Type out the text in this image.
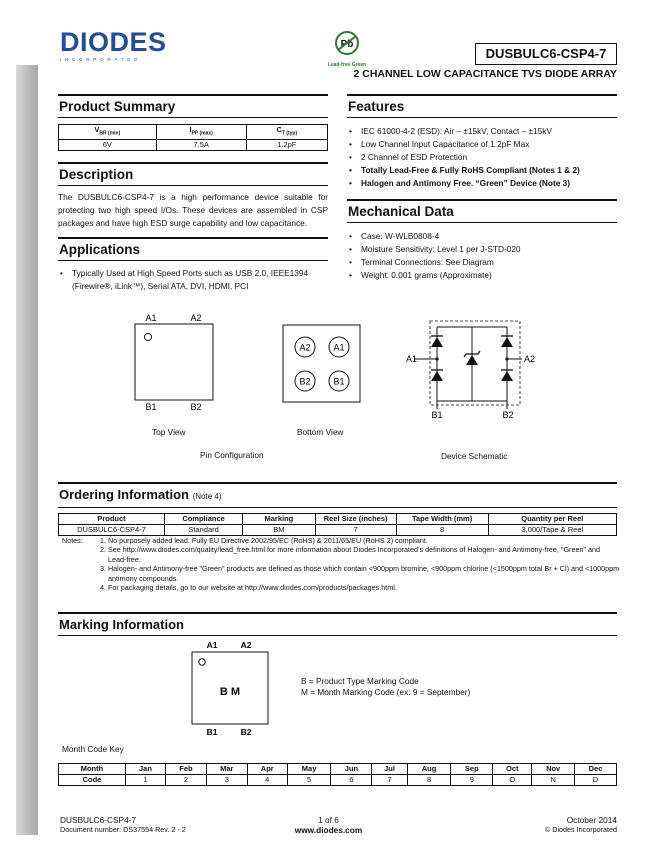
NEW PRODUCT
DIODES
INCORPORATED
Pb
Lead-free Green
DUSBULC6-CSP4-7
2 CHANNEL LOW CAPACITANCE TVS DIODE ARRAY
Product Summary
$V_{BR (min)}$	$I_{PP (max)}$	$C_{T (typ)}$
6V	7.5A	1.2pF
Description
The DUSBULC6-CSP4-7 is a high performance device suitable for protecting two high speed I/Os. These devices are assembled in CSP packages and have high ESD surge capability and low capacitance.
Applications
• Typically Used at High Speed Ports such as USB 2.0, IEEE1394 (Firewire®, iLink™), Serial ATA, DVI, HDMI, PCI
Features
• IEC 61000-4-2 (ESD): Air – ±15kV, Contact – ±15kV
• Low Channel Input Capacitance of 1.2pF Max
• 2 Channel of ESD Protection
• Totally Lead-Free & Fully RoHS Compliant (Notes 1 & 2)
• Halogen and Antimony Free. “Green” Device (Note 3)
Mechanical Data
• Case: W-WLB0808-4
• Moisture Sensitivity: Level 1 per J-STD-020
• Terminal Connections: See Diagram
• Weight: 0.001 grams (Approximate)
A1	A2
B1	B2
Top View
A2	A1
B2	B1
Bottom View
Pin Configuration
A1	A2
B1	B2
Device Schematic
Ordering Information (Note 4)
Product	Compliance	Marking	Reel Size (inches)	Tape Width (mm)	Quantity per Reel
DUSBULC6-CSP4-7	Standard	BM	7	8	3,000/Tape & Reel
Notes:	1. No purposely added lead. Fully EU Directive 2002/95/EC (RoHS) & 2011/65/EU (RoHS 2) compliant.
2. See http://www.diodes.com/quality/lead_free.html for more information about Diodes Incorporated’s definitions of Halogen- and Antimony-free, "Green" and Lead-free.
3. Halogen- and Antimony-free "Green" products are defined as those which contain <900ppm bromine, <900ppm chlorine (<1500ppm total Br + Cl) and <1000ppm antimony compounds.
4. For packaging details, go to our website at http://www.diodes.com/products/packages.html.
Marking Information
A1	A2
B M
B1	B2
B = Product Type Marking Code
M = Month Marking Code (ex: 9 = September)
Month Code Key
Month	Jan	Feb	Mar	Apr	May	Jun	Jul	Aug	Sep	Oct	Nov	Dec
Code	1	2	3	4	5	6	7	8	9	O	N	D
DUSBULC6-CSP4-7
Document number: DS37554 Rev. 2 - 2
1 of 6
www.diodes.com
October 2014
© Diodes Incorporated
